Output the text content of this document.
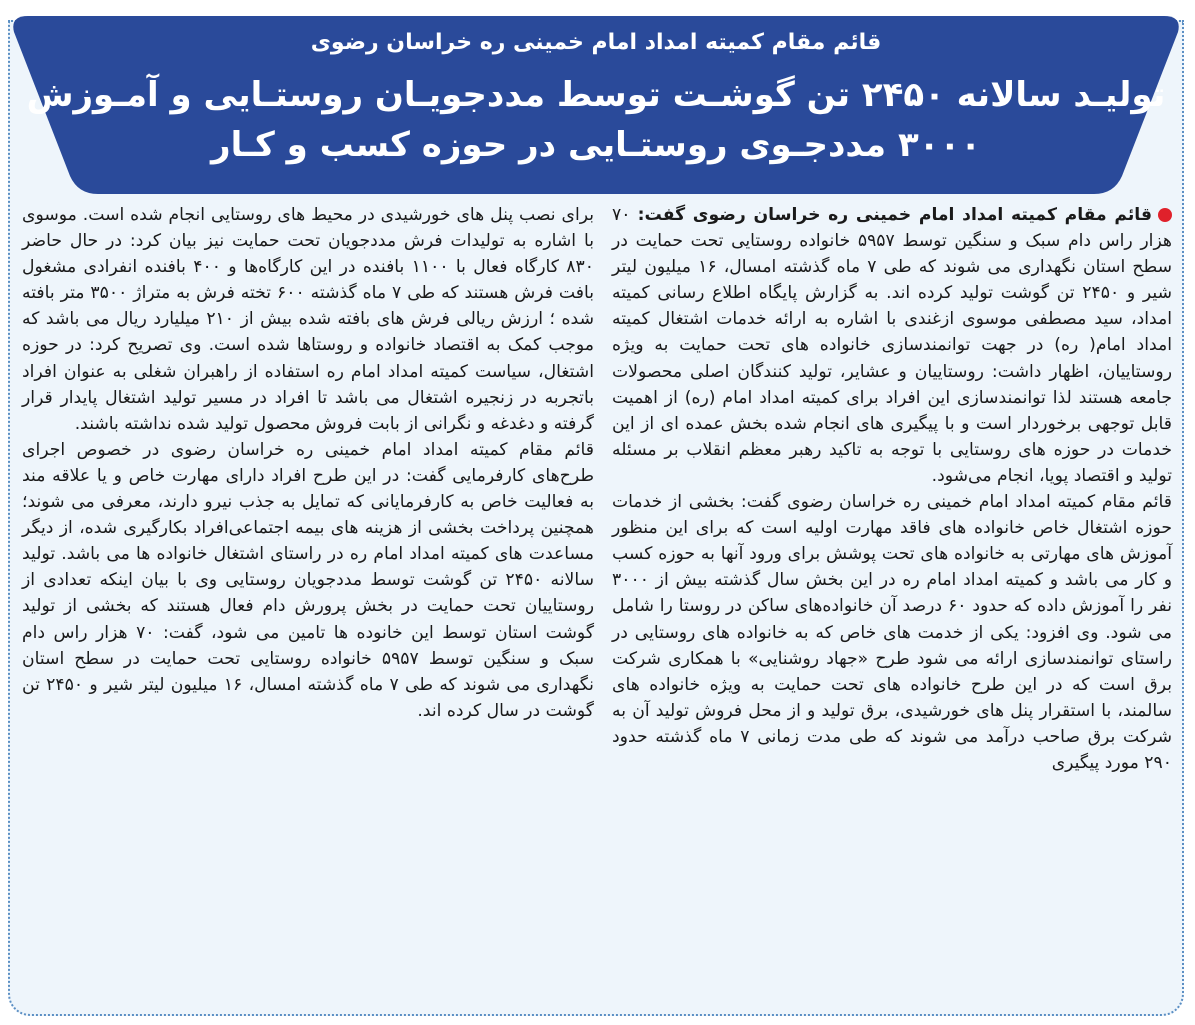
قائم مقام کمیته امداد امام خمینی ره خراسان رضوی
تولیـد سالانه ۲۴۵۰ تن گوشـت توسط مددجویـان روستـایی و آمـوزش
۳۰۰۰ مددجـوی روستـایی در حوزه کسب و کـار

قائم مقام کمیته امداد امام خمینی ره خراسان رضوی گفت: ۷۰ هزار راس دام سبک و سنگین توسط ۵۹۵۷ خانواده روستایی تحت حمایت در سطح استان نگهداری می شوند که طی ۷ ماه گذشته امسال، ۱۶ میلیون لیتر شیر و ۲۴۵۰ تن گوشت تولید کرده اند. به گزارش پایگاه اطلاع رسانی کمیته امداد، سید مصطفی موسوی ازغندی با اشاره به ارائه خدمات اشتغال کمیته امداد امام( ره) در جهت توانمندسازی خانواده های تحت حمایت به ویژه روستاییان، اظهار داشت: روستاییان و عشایر، تولید کنندگان اصلی محصولات جامعه هستند لذا توانمندسازی این افراد برای کمیته امداد امام (ره) از اهمیت قابل توجهی برخوردار است و با پیگیری های انجام شده بخش عمده ای از این خدمات در حوزه های روستایی با توجه به تاکید رهبر معظم انقلاب بر مسئله تولید و اقتصاد پویا، انجام می‌شود.

قائم مقام کمیته امداد امام خمینی ره خراسان رضوی گفت: بخشی از خدمات حوزه اشتغال خاص خانواده های فاقد مهارت اولیه است که برای این منظور آموزش های مهارتی به خانواده های تحت پوشش برای ورود آنها به حوزه کسب و کار می باشد و کمیته امداد امام ره در این بخش سال گذشته بیش از ۳۰۰۰ نفر را آموزش داده که حدود ۶۰ درصد آن خانواده‌های ساکن در روستا را شامل می شود. وی افزود: یکی از خدمت های خاص که به خانواده های روستایی در راستای توانمندسازی ارائه می شود طرح «جهاد روشنایی» با همکاری شرکت برق است که در این طرح خانواده های تحت حمایت به ویژه خانواده های سالمند، با استقرار پنل های خورشیدی، برق تولید و از محل فروش تولید آن به شرکت برق صاحب درآمد می شوند که طی مدت زمانی ۷ ماه گذشته حدود ۲۹۰ مورد پیگیری

برای نصب پنل های خورشیدی در محیط های روستایی انجام شده است. موسوی با اشاره به تولیدات فرش مددجویان تحت حمایت نیز بیان کرد: در حال حاضر ۸۳۰ کارگاه فعال با ۱۱۰۰ بافنده در این کارگاه‌ها و ۴۰۰ بافنده انفرادی مشغول بافت فرش هستند که طی ۷ ماه گذشته ۶۰۰ تخته فرش به متراژ ۳۵۰۰ متر بافته شده ؛ ارزش ریالی فرش های بافته شده بیش از ۲۱۰ میلیارد ریال می باشد که موجب کمک به اقتصاد خانواده و روستاها شده است. وی تصریح کرد: در حوزه اشتغال، سیاست کمیته امداد امام ره استفاده از راهبران شغلی به عنوان افراد باتجربه در زنجیره اشتغال می باشد تا افراد در مسیر تولید اشتغال پایدار قرار گرفته و دغدغه و نگرانی از بابت فروش محصول تولید شده نداشته باشند.

قائم مقام کمیته امداد امام خمینی ره خراسان رضوی در خصوص اجرای طرح‌های کارفرمایی گفت: در این طرح افراد دارای مهارت خاص و یا علاقه مند به فعالیت خاص به کارفرمایانی که تمایل به جذب نیرو دارند، معرفی می شوند؛ همچنین پرداخت بخشی از هزینه های بیمه اجتماعی‌افراد بکارگیری شده، از دیگر مساعدت های کمیته امداد امام ره در راستای اشتغال خانواده ها می باشد. تولید سالانه ۲۴۵۰ تن گوشت توسط مددجویان روستایی وی با بیان اینکه تعدادی از روستاییان تحت حمایت در بخش پرورش دام فعال هستند که بخشی از تولید گوشت استان توسط این خانوده ها تامین می شود، گفت: ۷۰ هزار راس دام سبک و سنگین توسط ۵۹۵۷ خانواده روستایی تحت حمایت در سطح استان نگهداری می شوند که طی ۷ ماه گذشته امسال، ۱۶ میلیون لیتر شیر و ۲۴۵۰ تن گوشت در سال کرده اند.
